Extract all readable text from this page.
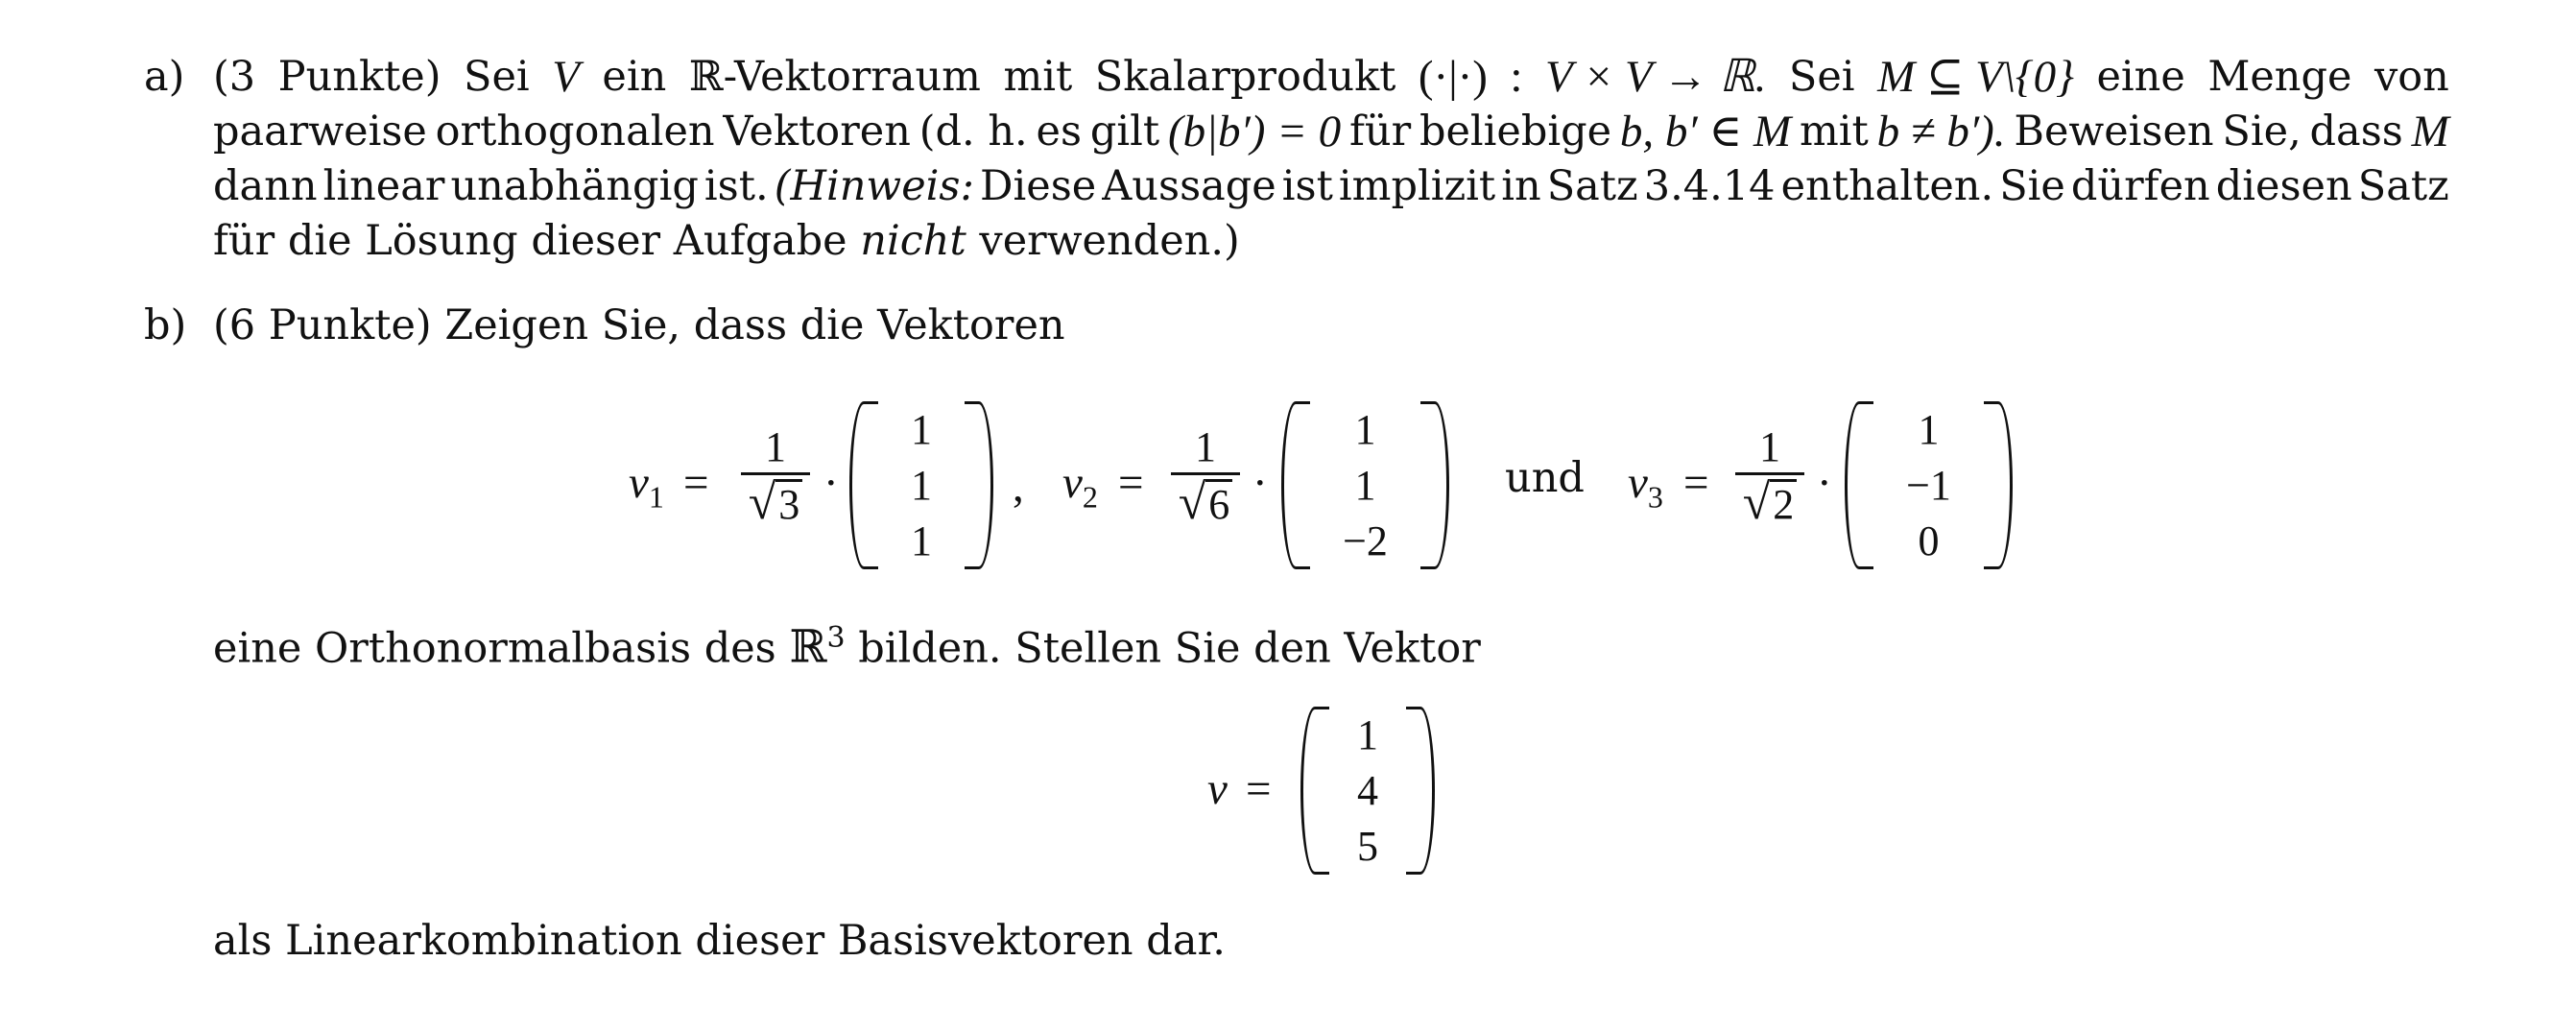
a) (3 Punkte) Sei V ein ℝ-Vektorraum mit Skalarprodukt (·|·) : V × V → ℝ. Sei M ⊆ V\{0} eine Menge von
paarweise orthogonalen Vektoren (d. h. es gilt (b|b′) = 0 für beliebige b, b′ ∈ M mit b ≠ b′). Beweisen Sie, dass M
dann linear unabhängig ist. (Hinweis: Diese Aussage ist implizit in Satz 3.4.14 enthalten. Sie dürfen diesen Satz
für die Lösung dieser Aufgabe nicht verwenden.)
b) (6 Punkte) Zeigen Sie, dass die Vektoren
$v_1$ =
1
√ 3 ·
1
1
1
, $v_2$ =
1
√ 6 ·
1
1
−2
und $v_3$ =
1
√ 2 ·
1
−1
0
eine Orthonormalbasis des ℝ$^3$ bilden. Stellen Sie den Vektor
v =
1
4
5
als Linearkombination dieser Basisvektoren dar.
